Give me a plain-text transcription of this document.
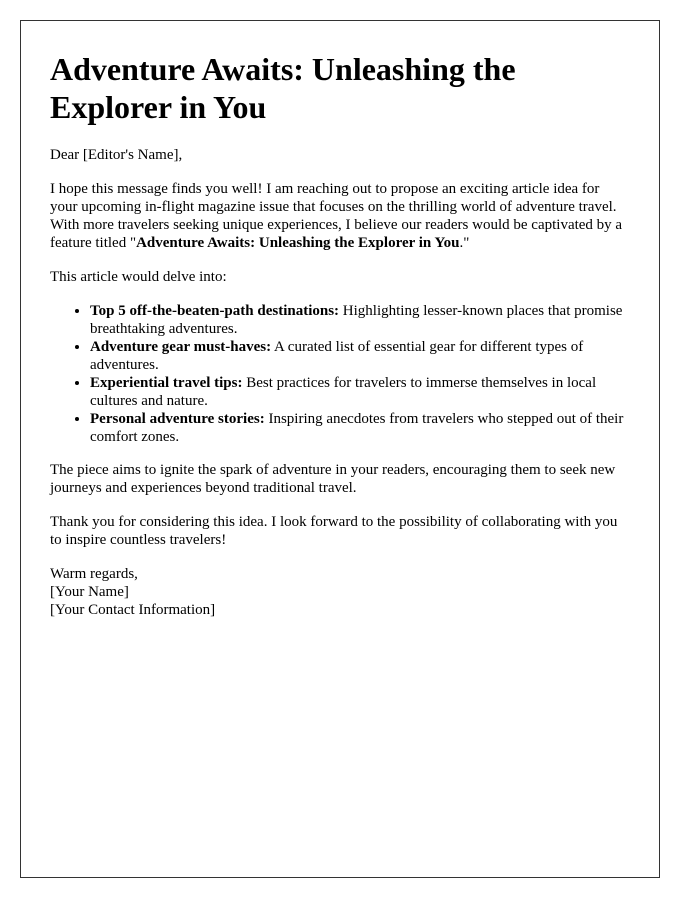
Adventure Awaits: Unleashing the Explorer in You

Dear [Editor's Name],

I hope this message finds you well! I am reaching out to propose an exciting article idea for your upcoming in-flight magazine issue that focuses on the thrilling world of adventure travel. With more travelers seeking unique experiences, I believe our readers would be captivated by a feature titled "Adventure Awaits: Unleashing the Explorer in You."

This article would delve into:

• Top 5 off-the-beaten-path destinations: Highlighting lesser-known places that promise breathtaking adventures.
• Adventure gear must-haves: A curated list of essential gear for different types of adventures.
• Experiential travel tips: Best practices for travelers to immerse themselves in local cultures and nature.
• Personal adventure stories: Inspiring anecdotes from travelers who stepped out of their comfort zones.

The piece aims to ignite the spark of adventure in your readers, encouraging them to seek new journeys and experiences beyond traditional travel.

Thank you for considering this idea. I look forward to the possibility of collaborating with you to inspire countless travelers!

Warm regards,
[Your Name]
[Your Contact Information]
